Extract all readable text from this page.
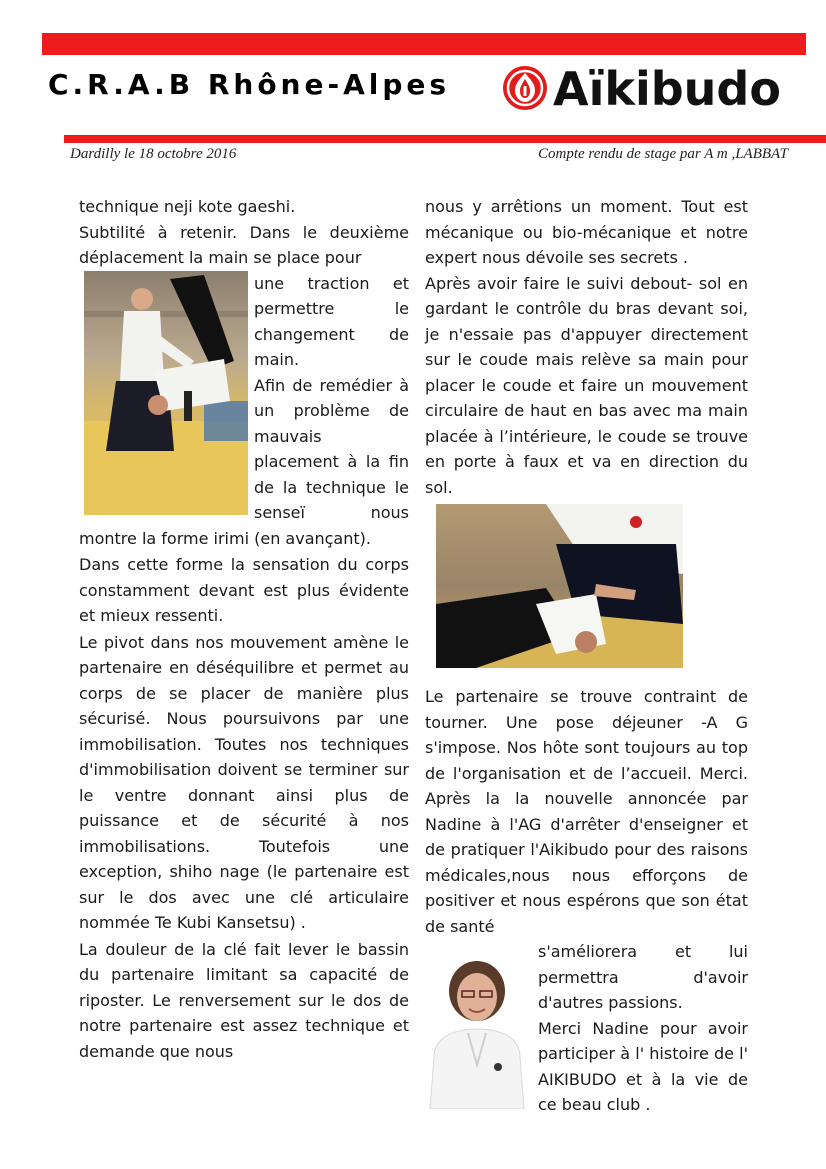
C.R.A.B Rhône-Alpes Aïkibudo
Dardilly le 18 octobre 2016	Compte rendu de stage par A m ,LABBAT

technique neji kote gaeshi.

Subtilité à retenir. Dans le deuxième déplacement la main se place pour

une traction et permettre le changement de main.

Afin de remédier à un problème de mauvais placement à la fin de la technique le senseï nous montre la forme irimi (en avançant).

Dans cette forme la sensation du corps constamment devant est plus évidente et mieux ressenti.

Le pivot dans nos mouvement amène le partenaire en déséquilibre et permet au corps de se placer de manière plus sécurisé. Nous poursuivons par une immobilisation. Toutes nos techniques d'immobilisation doivent se terminer sur le ventre donnant ainsi plus de puissance et de sécurité à nos immobilisations. Toutefois une exception, shiho nage (le partenaire est sur le dos avec une clé articulaire nommée Te Kubi Kansetsu) .

La douleur de la clé fait lever le bassin du partenaire limitant sa capacité de riposter. Le renversement sur le dos de notre partenaire est assez technique et demande que nous

nous y arrêtions un moment. Tout est mécanique ou bio-mécanique et notre expert nous dévoile ses secrets .

Après avoir faire le suivi debout- sol en gardant le contrôle du bras devant soi, je n'essaie pas d'appuyer directement sur le coude mais relève sa main pour placer le coude et faire un mouvement circulaire de haut en bas avec ma main placée à l’intérieure, le coude se trouve en porte à faux et va en direction du sol.

Le partenaire se trouve contraint de tourner. Une pose déjeuner -A G s'impose. Nos hôte sont toujours au top de l'organisation et de l’accueil. Merci. Après la la nouvelle annoncée par Nadine à l'AG d'arrêter d'enseigner et de pratiquer l'Aikibudo pour des raisons médicales,nous nous efforçons de positiver et nous espérons que son état de santé

s'améliorera et lui permettra d'avoir d'autres passions.

Merci Nadine pour avoir participer à l' histoire de l' AIKIBUDO et à la vie de ce beau club .
